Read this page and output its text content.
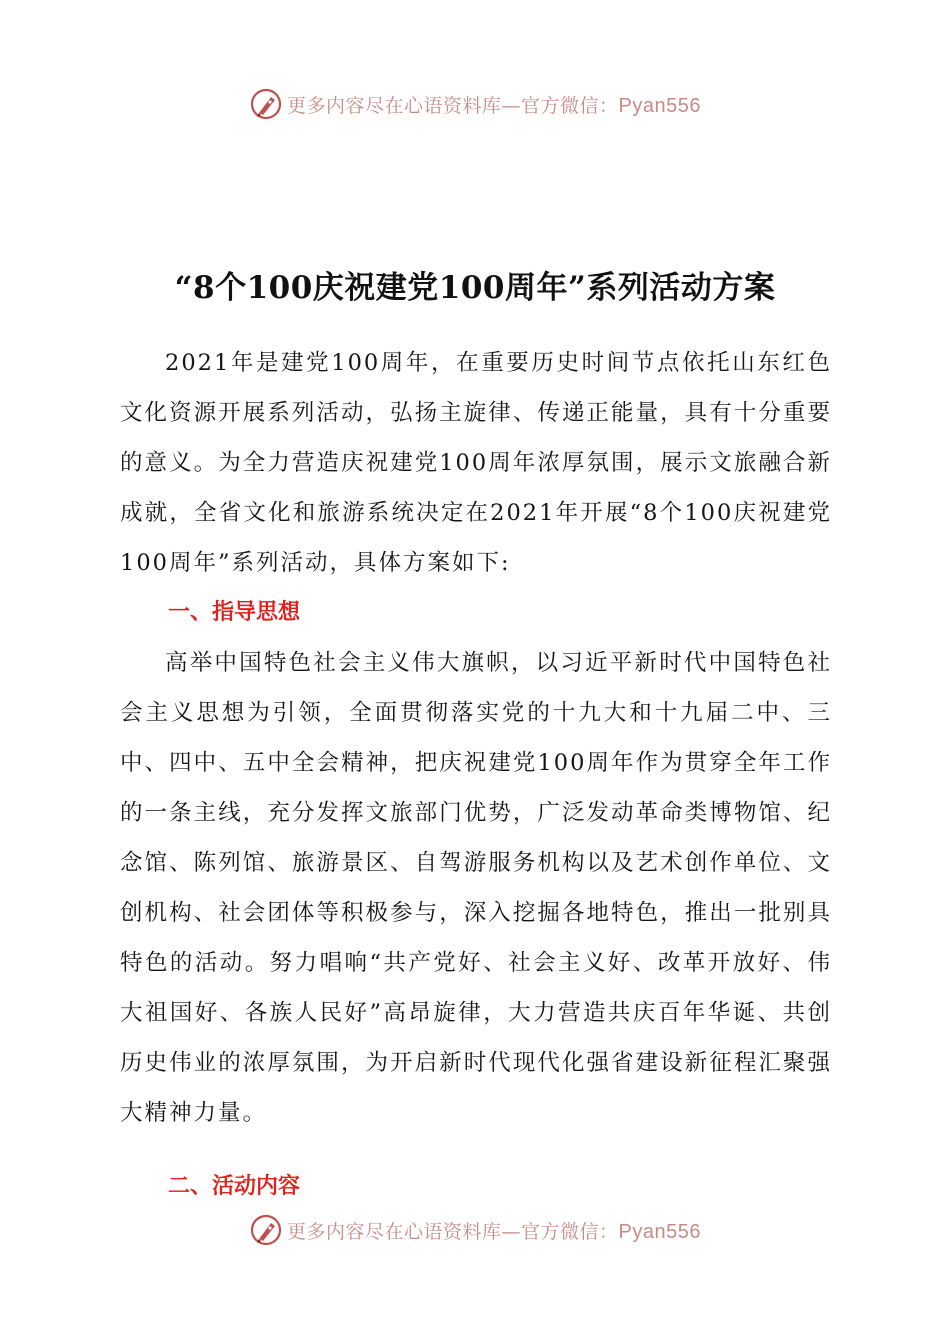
更多内容尽在心语资料库—官方微信：Pyan556
“8个100庆祝建党100周年”系列活动方案

2021年是建党100周年，在重要历史时间节点依托山东红色文化资源开展系列活动，弘扬主旋律、传递正能量，具有十分重要的意义。为全力营造庆祝建党100周年浓厚氛围，展示文旅融合新成就，全省文化和旅游系统决定在2021年开展“8个100庆祝建党100周年”系列活动，具体方案如下:

一、指导思想

高举中国特色社会主义伟大旗帜，以习近平新时代中国特色社会主义思想为引领，全面贯彻落实党的十九大和十九届二中、三中、四中、五中全会精神，把庆祝建党100周年作为贯穿全年工作的一条主线，充分发挥文旅部门优势，广泛发动革命类博物馆、纪念馆、陈列馆、旅游景区、自驾游服务机构以及艺术创作单位、文创机构、社会团体等积极参与，深入挖掘各地特色，推出一批别具特色的活动。努力唱响“共产党好、社会主义好、改革开放好、伟大祖国好、各族人民好”高昂旋律，大力营造共庆百年华诞、共创历史伟业的浓厚氛围，为开启新时代现代化强省建设新征程汇聚强大精神力量。

二、活动内容

更多内容尽在心语资料库—官方微信：Pyan556
